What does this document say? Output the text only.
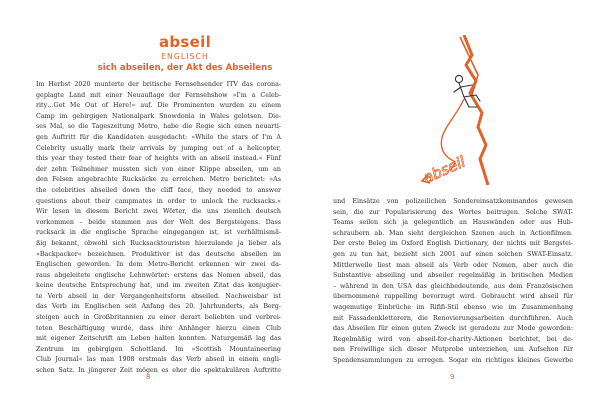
abseil
ENGLISCH
sich abseilen, der Akt des Abseilens
Im Herbst 2020 munterte der britische Fernsehsender ITV das corona-
geplagte Land mit einer Neuauflage der Fernsehshow »I'm a Celeb-
rity…Get Me Out of Here!« auf. Die Prominenten wurden zu einem
Camp im gebirgigen Nationalpark Snowdonia in Wales gelotsen. Die-
ses Mal, so die Tageszeitung Metro, habe die Regie sich einen neuarti-
gen Auftritt für die Kandidaten ausgedacht: »While the stars of I'm A
Celebrity usually mark their arrivals by jumping out of a helicopter,
this year they tested their fear of heights with an abseil instead.« Fünf
der zehn Teilnehmer mussten sich von einer Klippe abseilen, um an
den Felsen angebrachte Rucksäcke zu erreichen. Metro berichtet: »As
the celebrities abseiled down the cliff face, they needed to answer
questions about their campmates in order to unlock the rucksacks.«
Wir lesen in diesem Bericht zwei Wörter, die uns ziemlich deutsch
vorkommen – beide stammen aus der Welt des Bergsteigens. Dass
rucksack in die englische Sprache eingegangen ist, ist verhältnismä-
ßig bekannt, obwohl sich Rucksacktouristen hierzulande ja lieber als
»Backpacker« bezeichnen. Produktiver ist das deutsche abseilen im
Englischen geworden. In dem Metro-Bericht erkennen wir zwei da-
raus abgeleitete englische Lehnwörter: erstens das Nomen abseil, das
keine deutsche Entsprechung hat, und im zweiten Zitat das konjugier-
te Verb abseil in der Vergangenheitsform abseiled. Nachweisbar ist
das Verb im Englischen seit Anfang des 20. Jahrhunderts, als Berg-
steigen auch in Großbritannien zu einer derart beliebten und verbrei-
teten Beschäftigung wurde, dass ihre Anhänger hierzu einen Club
mit eigener Zeitschrift am Leben halten konnten. Naturgemäß lag das
Zentrum im gebirgigen Schottland. Im »Scottish Mountaineering
Club Journal« las man 1908 erstmals das Verb abseil in einem engli-
schen Satz. In jüngerer Zeit mögen es eher die spektakulären Auftritte
8
abseil
und Einsätze von polizeilichen Sondereinsatzkommandos gewesen
sein, die zur Popularisierung des Wortes beitrugen. Solche SWAT-
Teams seilen sich ja gelegentlich an Hauswänden oder aus Hub-
schraubern ab. Man sieht dergleichen Szenen auch in Actionfilmen.
Der erste Beleg im Oxford English Dictionary, der nichts mit Bergstei-
gen zu tun hat, bezieht sich 2001 auf einen solchen SWAT-Einsatz.
Mittlerweile liest man abseil als Verb oder Nomen, aber auch die
Substantive abseiling und abseiler regelmäßig in britischen Medien
– während in den USA das gleichbedeutende, aus dem Französischen
übernommene rappelling bevorzugt wird. Gebraucht wird abseil für
wagemutige Einbrüche im Rififi-Stil ebenso wie im Zusammenhang
mit Fassadenkletterern, die Renovierungsarbeiten durchführen. Auch
das Abseilen für einen guten Zweck ist geradezu zur Mode geworden:
Regelmäßig wird von abseil-for-charity-Aktionen berichtet, bei de-
nen Freiwillige sich dieser Mutprobe unterziehen, um Aufsehen für
Spendensammlungen zu erregen. Sogar ein richtiges kleines Gewerbe
9
